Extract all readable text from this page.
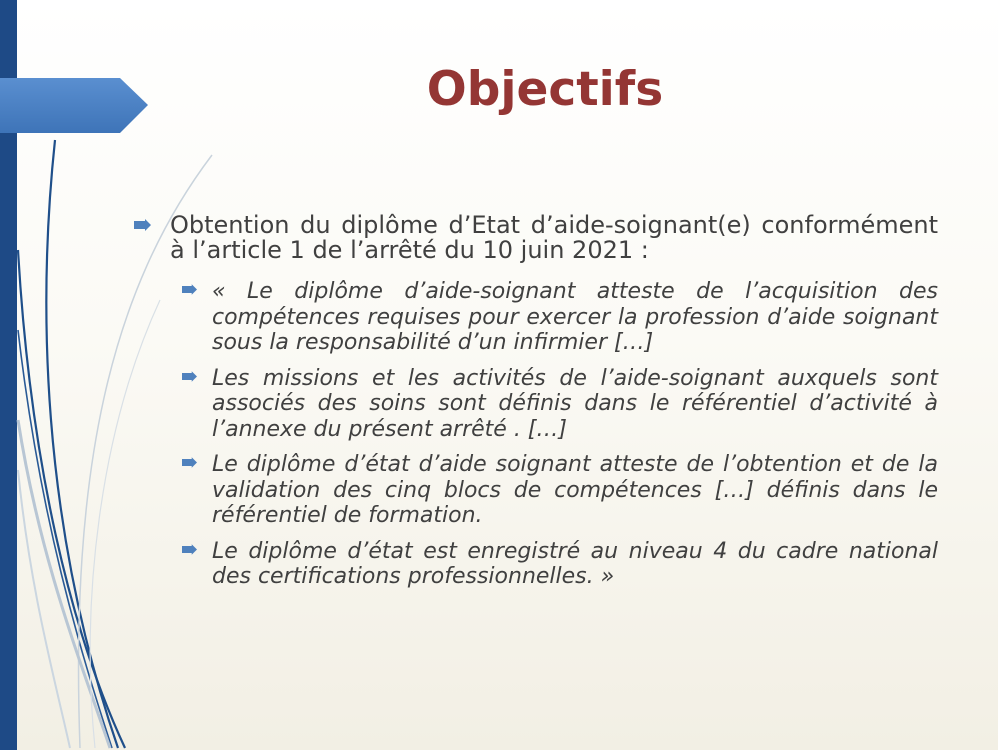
Objectifs
Obtention du diplôme d’Etat d’aide-soignant(e) conformément à l’article 1 de l’arrêté du 10 juin 2021 :
« Le diplôme d’aide-soignant atteste de l’acquisition des compétences requises pour exercer la profession d’aide soignant sous la responsabilité d’un infirmier […]
Les missions et les activités de l’aide-soignant auxquels sont associés des soins sont définis dans le référentiel d’activité à l’annexe du présent arrêté . […]
Le diplôme d’état d’aide soignant atteste de l’obtention et de la validation des cinq blocs de compétences […] définis dans le référentiel de formation.
Le diplôme d’état est enregistré au niveau 4 du cadre national des certifications professionnelles. »
